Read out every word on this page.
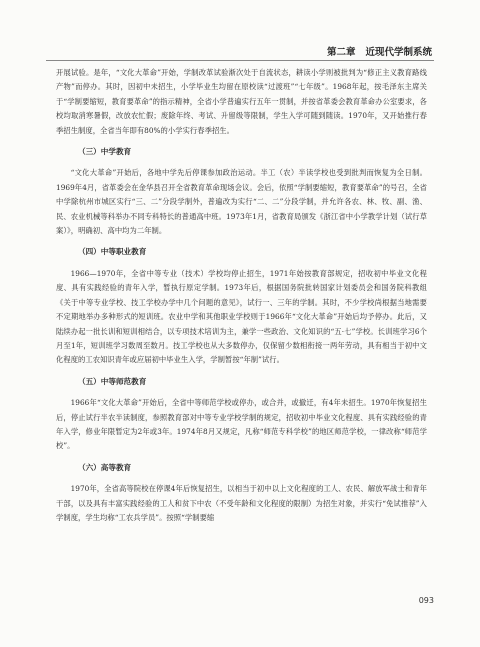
第二章 近现代学制系统

开展试验。是年，“文化大革命”开始，学制改革试验渐次处于自流状态，耕读小学则被批判为“修正主义教育路线产物”而停办。其时，因初中未招生，小学毕业生均留在原校读“过渡班”“七年级”。1968年起，按毛泽东主席关于“学制要缩短，教育要革命”的指示精神，全省小学普遍实行五年一贯制，并按省革委会教育革命办公室要求，各校均取消寒暑假，改放农忙假；废除年终、考试、升留级等限制，学生入学可随到随读。1970年，又开始推行春季招生制度，全省当年即有80%的小学实行春季招生。

（三）中学教育

“文化大革命”开始后，各地中学先后停课参加政治运动。半工（农）半读学校也受到批判而恢复为全日制。1969年4月，省革委会在金华县召开全省教育革命现场会议。会后，依照“学制要缩短，教育要革命”的号召，全省中学除杭州市城区实行“三、二”分段学制外，普遍改为实行“二、二”分段学制，并允许各农、林、牧、副、渔、民、农业机械等科举办不同专科特长的普通高中班。1973年1月，省教育局颁发《浙江省中小学教学计划（试行草案）》，明确初、高中均为二年制。

（四）中等职业教育

1966—1970年，全省中等专业（技术）学校均停止招生，1971年始按教育部规定，招收初中毕业文化程度、具有实践经验的青年入学，暂执行原定学制。1973年后，根据国务院批转国家计划委员会和国务院科教组《关于中等专业学校、技工学校办学中几个问题的意见》，试行一、三年的学制。其时，不少学校尚根据当地需要不定期地举办多种形式的短训班。农业中学和其他职业学校则于1966年“文化大革命”开始后均予停办。此后，又陆续办起一批长训和短训相结合，以专项技术培训为主，兼学一些政治、文化知识的“五·七”学校。长训班学习6个月至1年，短训班学习数周至数月。技工学校也从大多数停办，仅保留少数相衔接一两年劳动，具有相当于初中文化程度的工农知识青年或应届初中毕业生入学，学制暂按“年制”试行。

（五）中等师范教育

1966年“文化大革命”开始后，全省中等师范学校或停办，或合并，或撤迁，有4年未招生。1970年恢复招生后，停止试行半农半读制度，参照教育部对中等专业学校学制的规定，招收初中毕业文化程度、具有实践经验的青年入学，修业年限暂定为2年或3年。1974年8月又规定，凡称“师范专科学校”的地区师范学校，一律改称“师范学校”。

（六）高等教育

1970年，全省高等院校在停课4年后恢复招生，以相当于初中以上文化程度的工人、农民、解放军战士和青年干部，以及具有丰富实践经验的工人和贫下中农（不受年龄和文化程度的限制）为招生对象，并实行“免试推荐”入学制度，学生均称“工农兵学员”。按照“学制要缩

093
